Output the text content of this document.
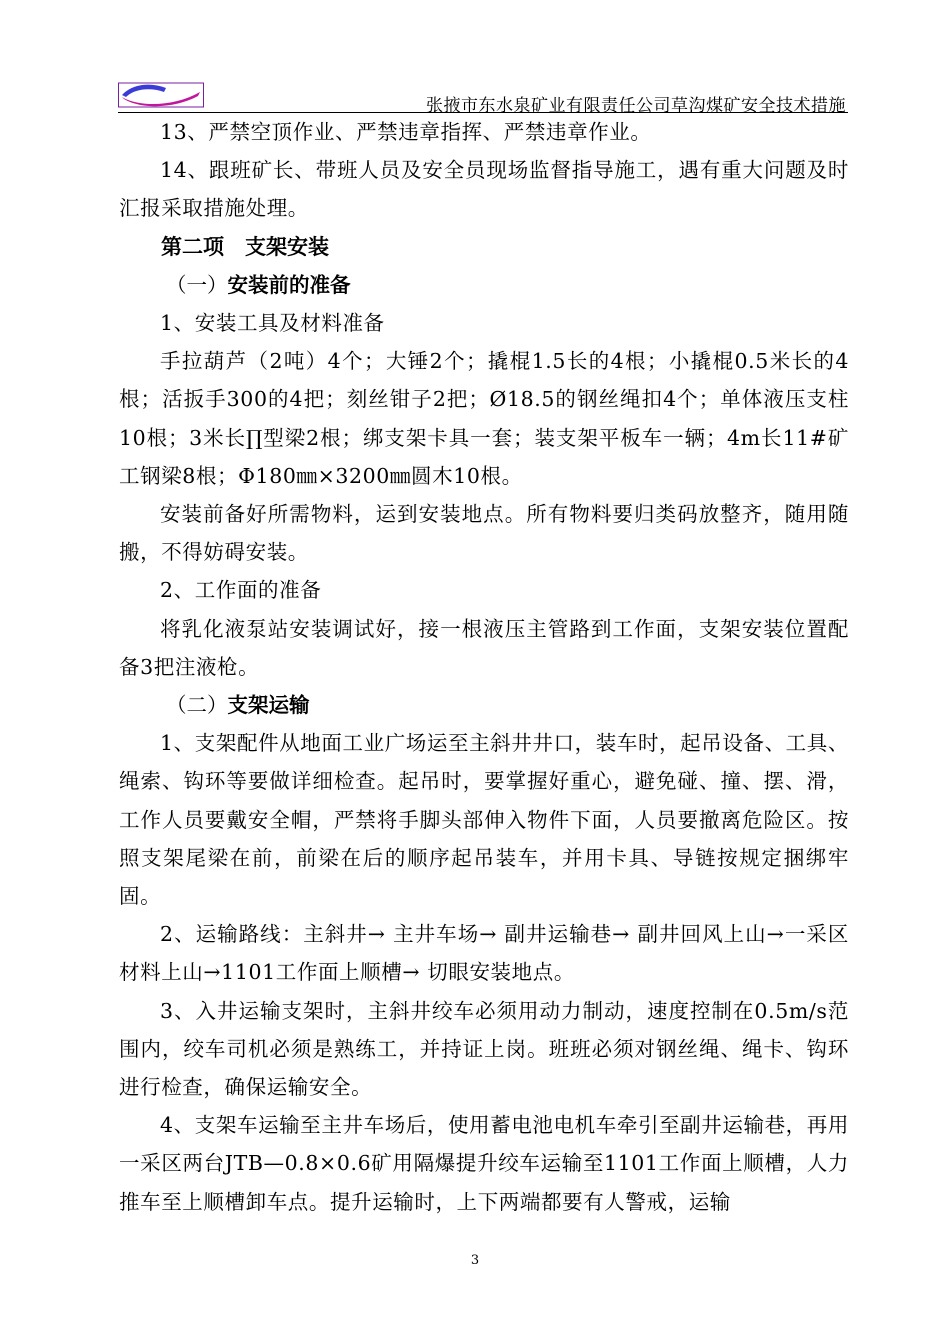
MK
张掖市东水泉矿业有限责任公司草沟煤矿安全技术措施

13、严禁空顶作业、严禁违章指挥、严禁违章作业。

14、跟班矿长、带班人员及安全员现场监督指导施工，遇有重大问题及时汇报采取措施处理。

第二项　支架安装
（一）安装前的准备

1、安装工具及材料准备

手拉葫芦（2吨）4个；大锤2个；撬棍1.5长的4根；小撬棍0.5米长的4根；活扳手300的4把；刻丝钳子2把；Ø18.5的钢丝绳扣4个；单体液压支柱10根；3米长∏型梁2根；绑支架卡具一套；装支架平板车一辆；4m长11#矿工钢梁8根；Φ180㎜×3200㎜圆木10根。

安装前备好所需物料，运到安装地点。所有物料要归类码放整齐，随用随搬，不得妨碍安装。

2、工作面的准备

将乳化液泵站安装调试好，接一根液压主管路到工作面，支架安装位置配备3把注液枪。

（二）支架运输

1、支架配件从地面工业广场运至主斜井井口，装车时，起吊设备、工具、绳索、钩环等要做详细检查。起吊时，要掌握好重心，避免碰、撞、摆、滑，工作人员要戴安全帽，严禁将手脚头部伸入物件下面，人员要撤离危险区。按照支架尾梁在前，前梁在后的顺序起吊装车，并用卡具、导链按规定捆绑牢固。

2、运输路线：主斜井→ 主井车场→ 副井运输巷→ 副井回风上山→一采区材料上山→1101工作面上顺槽→ 切眼安装地点。

3、入井运输支架时，主斜井绞车必须用动力制动，速度控制在0.5m/s范围内，绞车司机必须是熟练工，并持证上岗。班班必须对钢丝绳、绳卡、钩环进行检查，确保运输安全。

4、支架车运输至主井车场后，使用蓄电池电机车牵引至副井运输巷，再用一采区两台JTB—0.8×0.6矿用隔爆提升绞车运输至1101工作面上顺槽，人力推车至上顺槽卸车点。提升运输时，上下两端都要有人警戒，运输

3
